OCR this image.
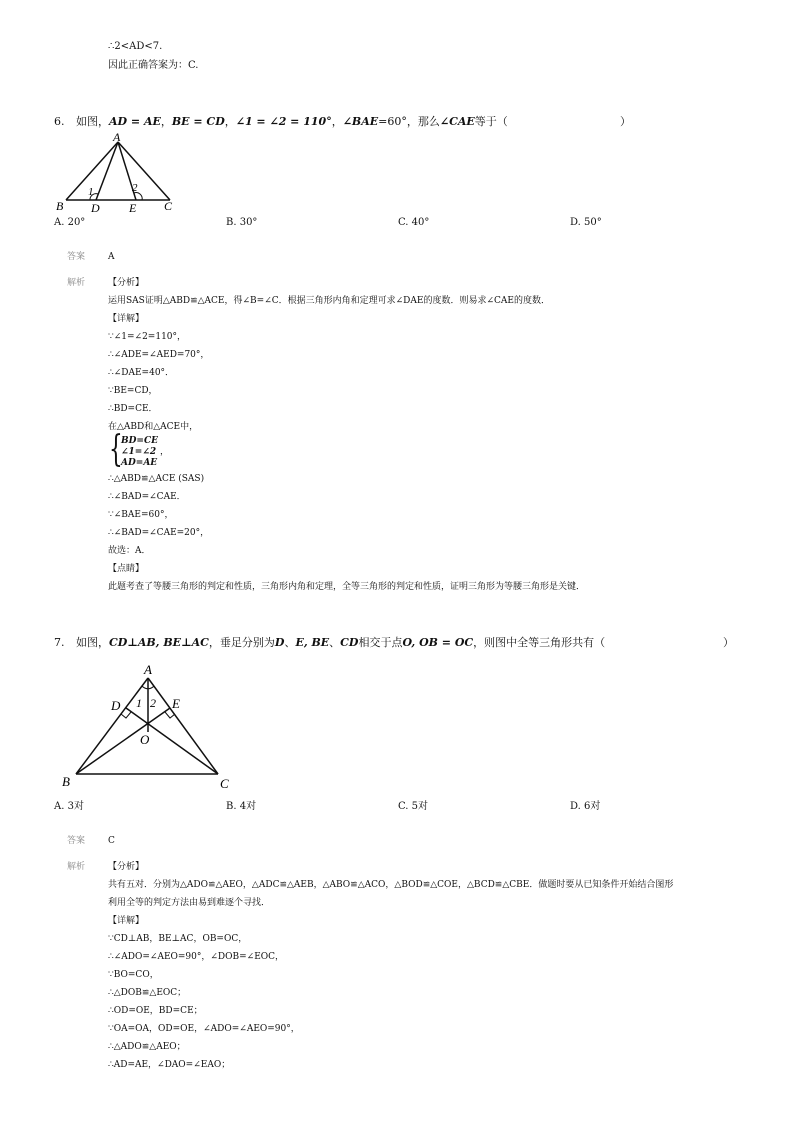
∴2<AD<7.
因此正确答案为：C.
6. 如图，AD = AE，BE = CD，∠1 = ∠2 = 110°，∠BAE=60°，那么∠CAE等于（	）
A
B	C
D E
1	2
A. 20°	B. 30°	C. 40°	D. 50°
答案	A
解析	【分析】
运用SAS证明△ABD≌△ACE，得∠B=∠C．根据三角形内角和定理可求∠DAE的度数．则易求∠CAE的度数．
【详解】
∵∠1=∠2=110°，
∴∠ADE=∠AED=70°，
∴∠DAE=40°．
∵BE=CD，
∴BD=CE．
在△ABD和△ACE中，
{
BD=CE
∠1=∠2 ，
AD=AE
∴△ABD≌△ACE (SAS)
∴∠BAD=∠CAE．
∵∠BAE=60°，
∴∠BAD=∠CAE=20°，
故选：A．
【点睛】
此题考查了等腰三角形的判定和性质，三角形内角和定理，全等三角形的判定和性质，证明三角形为等腰三角形是关键．
7. 如图，CD⊥AB, BE⊥AC，垂足分别为D、E, BE、CD相交于点O, OB = OC，则图中全等三角形共有（	）
A
B	C
D	E
O
1 2
A. 3对	B. 4对	C. 5对	D. 6对
答案	C
解析	【分析】
共有五对．分别为△ADO≌△AEO，△ADC≌△AEB，△ABO≌△ACO，△BOD≌△COE，△BCD≌△CBE．做题时要从已知条件开始结合图形
利用全等的判定方法由易到难逐个寻找．
【详解】
∵CD⊥AB，BE⊥AC，OB=OC，
∴∠ADO=∠AEO=90°，∠DOB=∠EOC，
∵BO=CO，
∴△DOB≌△EOC；
∴OD=OE，BD=CE；
∵OA=OA，OD=OE，∠ADO=∠AEO=90°，
∴△ADO≌△AEO；
∴AD=AE，∠DAO=∠EAO；
